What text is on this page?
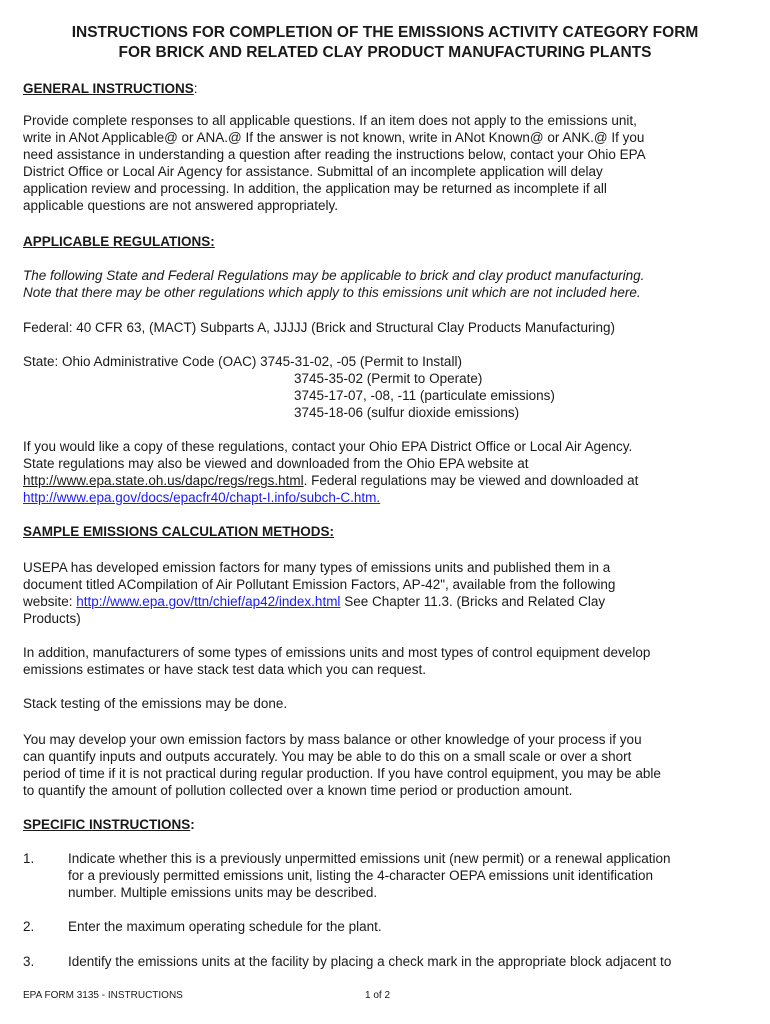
INSTRUCTIONS FOR COMPLETION OF THE EMISSIONS ACTIVITY CATEGORY FORM
FOR BRICK AND RELATED CLAY PRODUCT MANUFACTURING PLANTS
GENERAL INSTRUCTIONS:
Provide complete responses to all applicable questions. If an item does not apply to the emissions unit,
write in ANot Applicable@ or ANA.@ If the answer is not known, write in ANot Known@ or ANK.@ If you
need assistance in understanding a question after reading the instructions below, contact your Ohio EPA
District Office or Local Air Agency for assistance. Submittal of an incomplete application will delay
application review and processing. In addition, the application may be returned as incomplete if all
applicable questions are not answered appropriately.
APPLICABLE REGULATIONS:
The following State and Federal Regulations may be applicable to brick and clay product manufacturing.
Note that there may be other regulations which apply to this emissions unit which are not included here.
Federal: 40 CFR 63, (MACT) Subparts A, JJJJJ (Brick and Structural Clay Products Manufacturing)
State: Ohio Administrative Code (OAC) 3745-31-02, -05 (Permit to Install)
3745-35-02 (Permit to Operate)
3745-17-07, -08, -11 (particulate emissions)
3745-18-06 (sulfur dioxide emissions)
If you would like a copy of these regulations, contact your Ohio EPA District Office or Local Air Agency.
State regulations may also be viewed and downloaded from the Ohio EPA website at
http://www.epa.state.oh.us/dapc/regs/regs.html. Federal regulations may be viewed and downloaded at
http://www.epa.gov/docs/epacfr40/chapt-I.info/subch-C.htm.
SAMPLE EMISSIONS CALCULATION METHODS:
USEPA has developed emission factors for many types of emissions units and published them in a
document titled ACompilation of Air Pollutant Emission Factors, AP-42", available from the following
website: http://www.epa.gov/ttn/chief/ap42/index.html See Chapter 11.3. (Bricks and Related Clay
Products)
In addition, manufacturers of some types of emissions units and most types of control equipment develop
emissions estimates or have stack test data which you can request.
Stack testing of the emissions may be done.
You may develop your own emission factors by mass balance or other knowledge of your process if you
can quantify inputs and outputs accurately. You may be able to do this on a small scale or over a short
period of time if it is not practical during regular production. If you have control equipment, you may be able
to quantify the amount of pollution collected over a known time period or production amount.
SPECIFIC INSTRUCTIONS:
1.	Indicate whether this is a previously unpermitted emissions unit (new permit) or a renewal application
for a previously permitted emissions unit, listing the 4-character OEPA emissions unit identification
number. Multiple emissions units may be described.
2.	Enter the maximum operating schedule for the plant.
3.	Identify the emissions units at the facility by placing a check mark in the appropriate block adjacent to
EPA FORM 3135 - INSTRUCTIONS	1 of 2
